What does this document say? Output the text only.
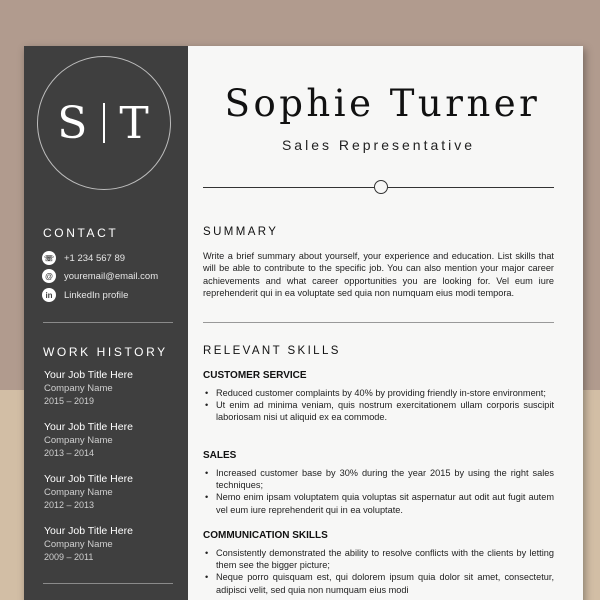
S T
CONTACT
☏ +1 234 567 89
@	youremail@email.com
in	LinkedIn profile
WORK HISTORY
Your Job Title Here
Company Name
2015 – 2019
Your Job Title Here
Company Name
2013 – 2014
Your Job Title Here
Company Name
2012 – 2013
Your Job Title Here
Company Name
2009 – 2011
Sophie Turner
Sales Representative
SUMMARY
Write a brief summary about yourself, your experience and education. List skills that will be able to contribute to the specific job. You can also mention your major career achievements and what career opportunities you are looking for. Vel eum iure reprehenderit qui in ea voluptate sed quia non numquam eius modi tempora.
RELEVANT SKILLS
CUSTOMER SERVICE
• Reduced customer complaints by 40% by providing friendly in-store environment;
• Ut enim ad minima veniam, quis nostrum exercitationem ullam corporis suscipit laboriosam nisi ut aliquid ex ea commode.
SALES
• Increased customer base by 30% during the year 2015 by using the right sales techniques;
• Nemo enim ipsam voluptatem quia voluptas sit aspernatur aut odit aut fugit autem vel eum iure reprehenderit qui in ea voluptate.
COMMUNICATION SKILLS
• Consistently demonstrated the ability to resolve conflicts with the clients by letting them see the bigger picture;
• Neque porro quisquam est, qui dolorem ipsum quia dolor sit amet, consectetur, adipisci velit, sed quia non numquam eius modi
